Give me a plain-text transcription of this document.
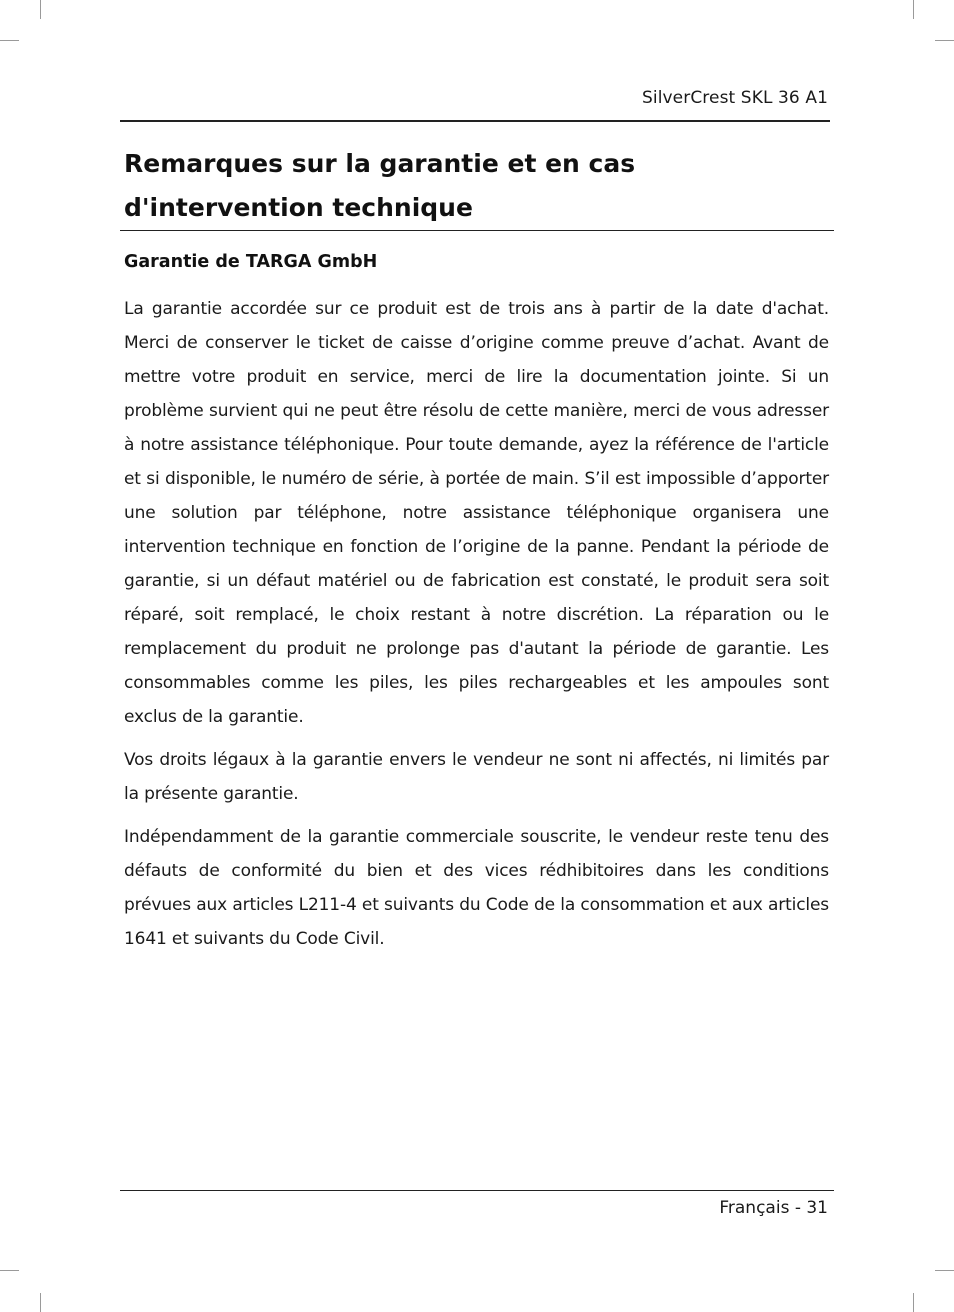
SilverCrest SKL 36 A1
Remarques sur la garantie et en cas d'intervention technique
Garantie de TARGA GmbH

La garantie accordée sur ce produit est de trois ans à partir de la date d'achat. Merci de conserver le ticket de caisse d’origine comme preuve d’achat. Avant de mettre votre produit en service, merci de lire la documentation jointe. Si un problème survient qui ne peut être résolu de cette manière, merci de vous adresser à notre assistance téléphonique. Pour toute demande, ayez la référence de l'article et si disponible, le numéro de série, à portée de main. S’il est impossible d’apporter une solution par téléphone, notre assistance téléphonique organisera une intervention technique en fonction de l’origine de la panne. Pendant la période de garantie, si un défaut matériel ou de fabrication est constaté, le produit sera soit réparé, soit remplacé, le choix restant à notre discrétion. La réparation ou le remplacement du produit ne prolonge pas d'autant la période de garantie. Les consommables comme les piles, les piles rechargeables et les ampoules sont exclus de la garantie.

Vos droits légaux à la garantie envers le vendeur ne sont ni affectés, ni limités par la présente garantie.

Indépendamment de la garantie commerciale souscrite, le vendeur reste tenu des défauts de conformité du bien et des vices rédhibitoires dans les conditions prévues aux articles L211-4 et suivants du Code de la consommation et aux articles 1641 et suivants du Code Civil.

Français - 31
